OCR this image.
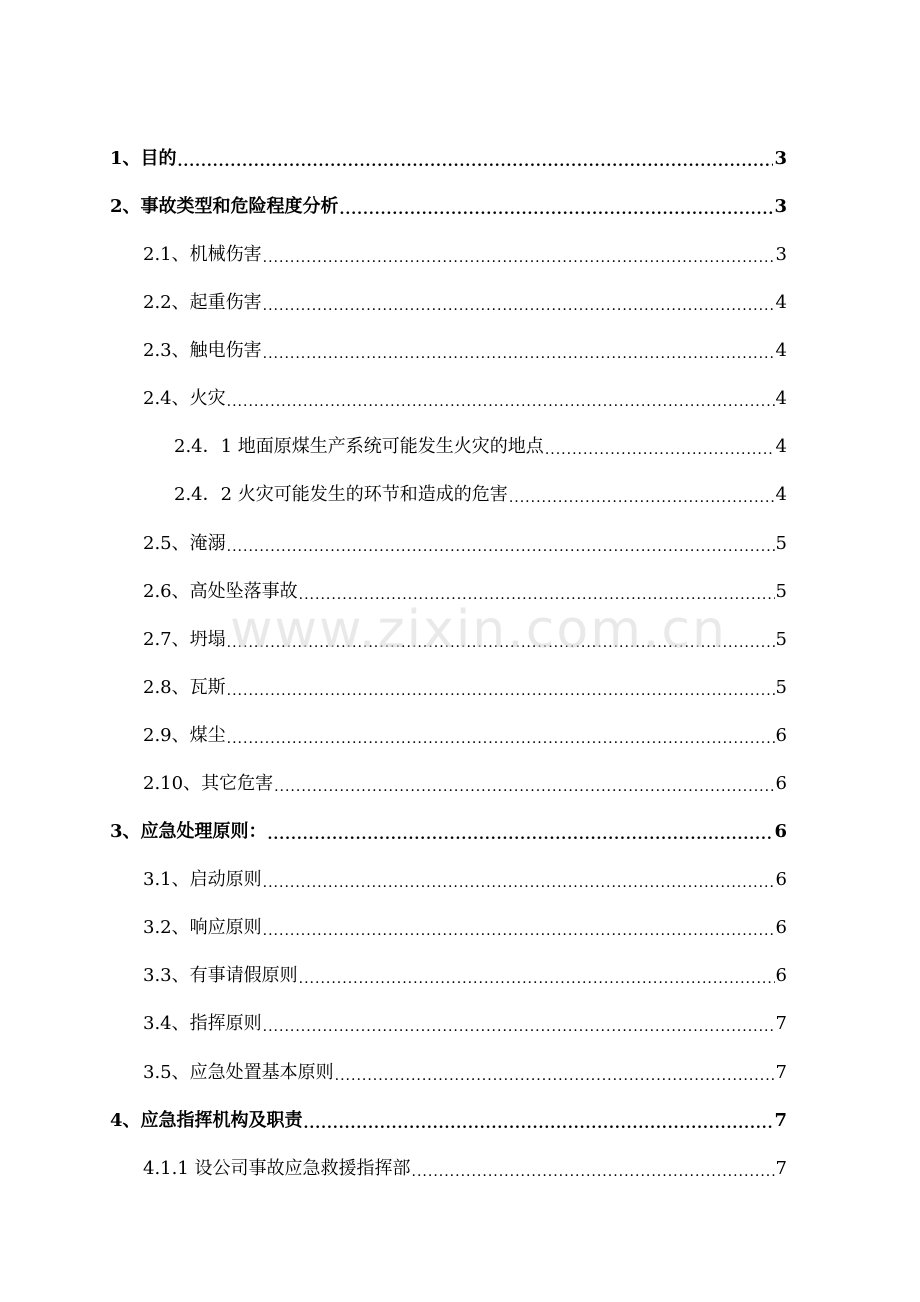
1、目的 .....	3
2、事故类型和危险程度分析 .....	3
2.1、机械伤害 .....	3
2.2、起重伤害 .....	4
2.3、触电伤害 .....	4
2.4、火灾 .....	4
2.4．1 地面原煤生产系统可能发生火灾的地点 .....	4
2.4．2 火灾可能发生的环节和造成的危害 .....	4
2.5、淹溺 .....	5
2.6、高处坠落事故 .....	5
2.7、坍塌 .....	5
2.8、瓦斯 .....	5
2.9、煤尘 .....	6
2.10、其它危害 .....	6
3、应急处理原则： .....	6
3.1、启动原则 .....	6
3.2、响应原则 .....	6
3.3、有事请假原则 .....	6
3.4、指挥原则 .....	7
3.5、应急处置基本原则 .....	7
4、应急指挥机构及职责 .....	7
4.1.1 设公司事故应急救援指挥部 .....	7
www.zixin.com.cn
